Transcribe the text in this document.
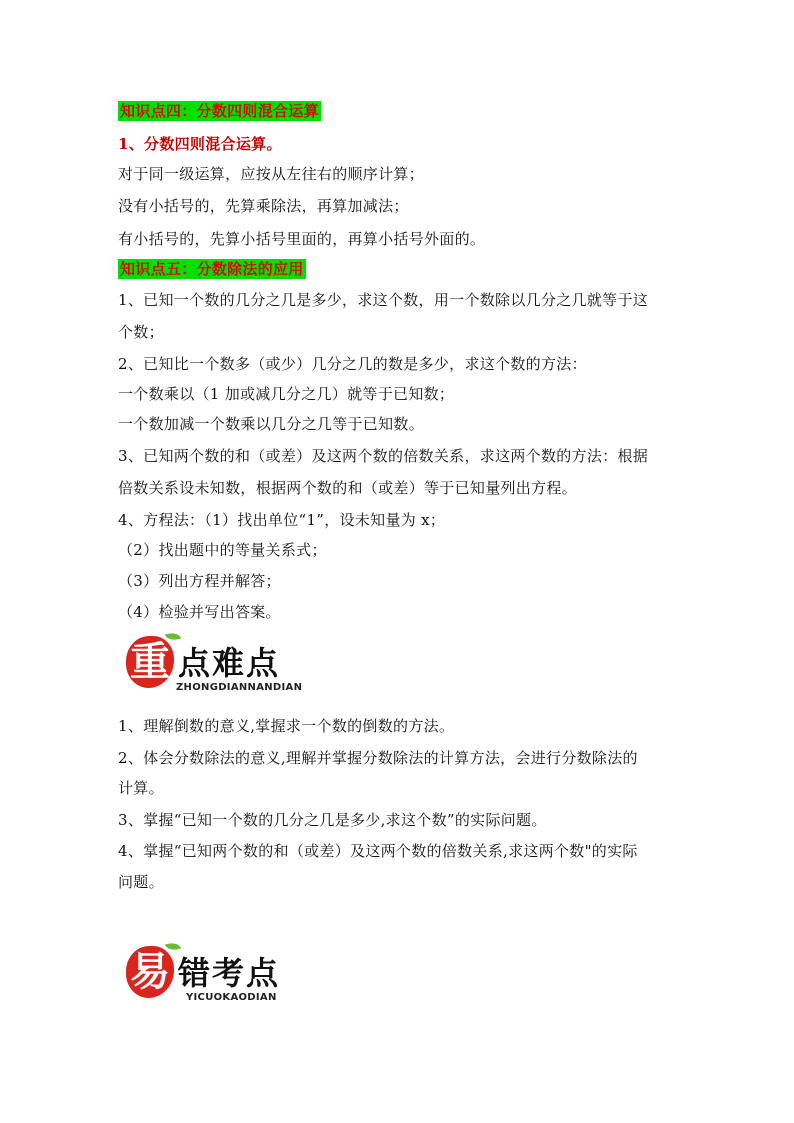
知识点四：分数四则混合运算
1、分数四则混合运算。
对于同一级运算，应按从左往右的顺序计算；
没有小括号的，先算乘除法，再算加减法；
有小括号的，先算小括号里面的，再算小括号外面的。
知识点五：分数除法的应用
1、已知一个数的几分之几是多少，求这个数，用一个数除以几分之几就等于这
个数；
2、已知比一个数多（或少）几分之几的数是多少，求这个数的方法：
一个数乘以（1 加或减几分之几）就等于已知数；
一个数加减一个数乘以几分之几等于已知数。
3、已知两个数的和（或差）及这两个数的倍数关系，求这两个数的方法：根据
倍数关系设未知数，根据两个数的和（或差）等于已知量列出方程。
4、方程法：（1）找出单位“1”，设未知量为 x；
（2）找出题中的等量关系式；
（3）列出方程并解答；
（4）检验并写出答案。
重 点难点
ZHONGDIANNANDIAN
1、理解倒数的意义,掌握求一个数的倒数的方法。
2、体会分数除法的意义,理解并掌握分数除法的计算方法，会进行分数除法的
计算。
3、掌握“已知一个数的几分之几是多少,求这个数”的实际问题。
4、掌握“已知两个数的和（或差）及这两个数的倍数关系,求这两个数"的实际
问题。
易 错考点
YICUOKAODIAN
